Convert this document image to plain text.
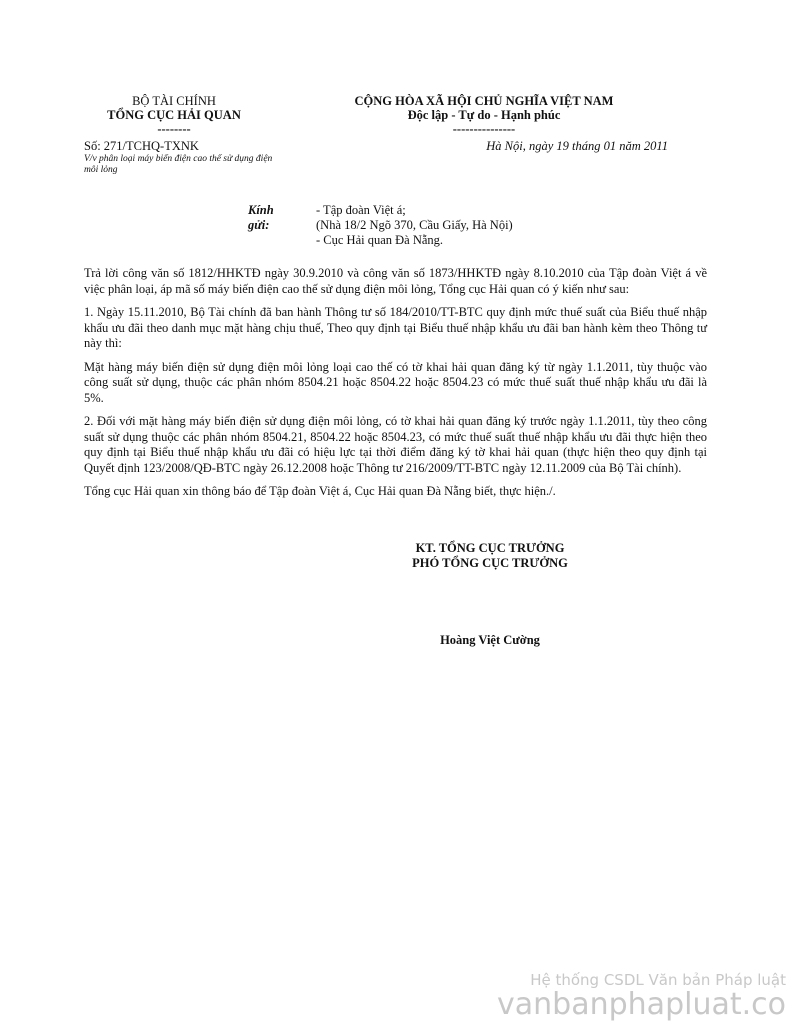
BỘ TÀI CHÍNH
TỔNG CỤC HẢI QUAN
--------
Số: 271/TCHQ-TXNK
V/v phân loại máy biến điện cao thế sử dụng điện môi lỏng
CỘNG HÒA XÃ HỘI CHỦ NGHĨA VIỆT NAM
Độc lập - Tự do - Hạnh phúc
---------------
Hà Nội, ngày 19 tháng 01 năm 2011
Kính gửi:
- Tập đoàn Việt á;
(Nhà 18/2 Ngõ 370, Cầu Giấy, Hà Nội)
- Cục Hải quan Đà Nẵng.

Trả lời công văn số 1812/HHKTĐ ngày 30.9.2010 và công văn số 1873/HHKTĐ ngày 8.10.2010 của Tập đoàn Việt á về việc phân loại, áp mã số máy biến điện cao thế sử dụng điện môi lỏng, Tổng cục Hải quan có ý kiến như sau:

1. Ngày 15.11.2010, Bộ Tài chính đã ban hành Thông tư số 184/2010/TT-BTC quy định mức thuế suất của Biểu thuế nhập khẩu ưu đãi theo danh mục mặt hàng chịu thuế, Theo quy định tại Biểu thuế nhập khẩu ưu đãi ban hành kèm theo Thông tư này thì:

Mặt hàng máy biến điện sử dụng điện môi lỏng loại cao thế có tờ khai hải quan đăng ký từ ngày 1.1.2011, tùy thuộc vào công suất sử dụng, thuộc các phân nhóm 8504.21 hoặc 8504.22 hoặc 8504.23 có mức thuế suất thuế nhập khẩu ưu đãi là 5%.

2. Đối với mặt hàng máy biến điện sử dụng điện môi lỏng, có tờ khai hải quan đăng ký trước ngày 1.1.2011, tùy theo công suất sử dụng thuộc các phân nhóm 8504.21, 8504.22 hoặc 8504.23, có mức thuế suất thuế nhập khẩu ưu đãi thực hiện theo quy định tại Biểu thuế nhập khẩu ưu đãi có hiệu lực tại thời điểm đăng ký tờ khai hải quan (thực hiện theo quy định tại Quyết định 123/2008/QĐ-BTC ngày 26.12.2008 hoặc Thông tư 216/2009/TT-BTC ngày 12.11.2009 của Bộ Tài chính).

Tổng cục Hải quan xin thông báo để Tập đoàn Việt á, Cục Hải quan Đà Nẵng biết, thực hiện./.

KT. TỔNG CỤC TRƯỞNG
PHÓ TỔNG CỤC TRƯỞNG
Hoàng Việt Cường
Hệ thống CSDL Văn bản Pháp luật
vanbanphapluat.co
